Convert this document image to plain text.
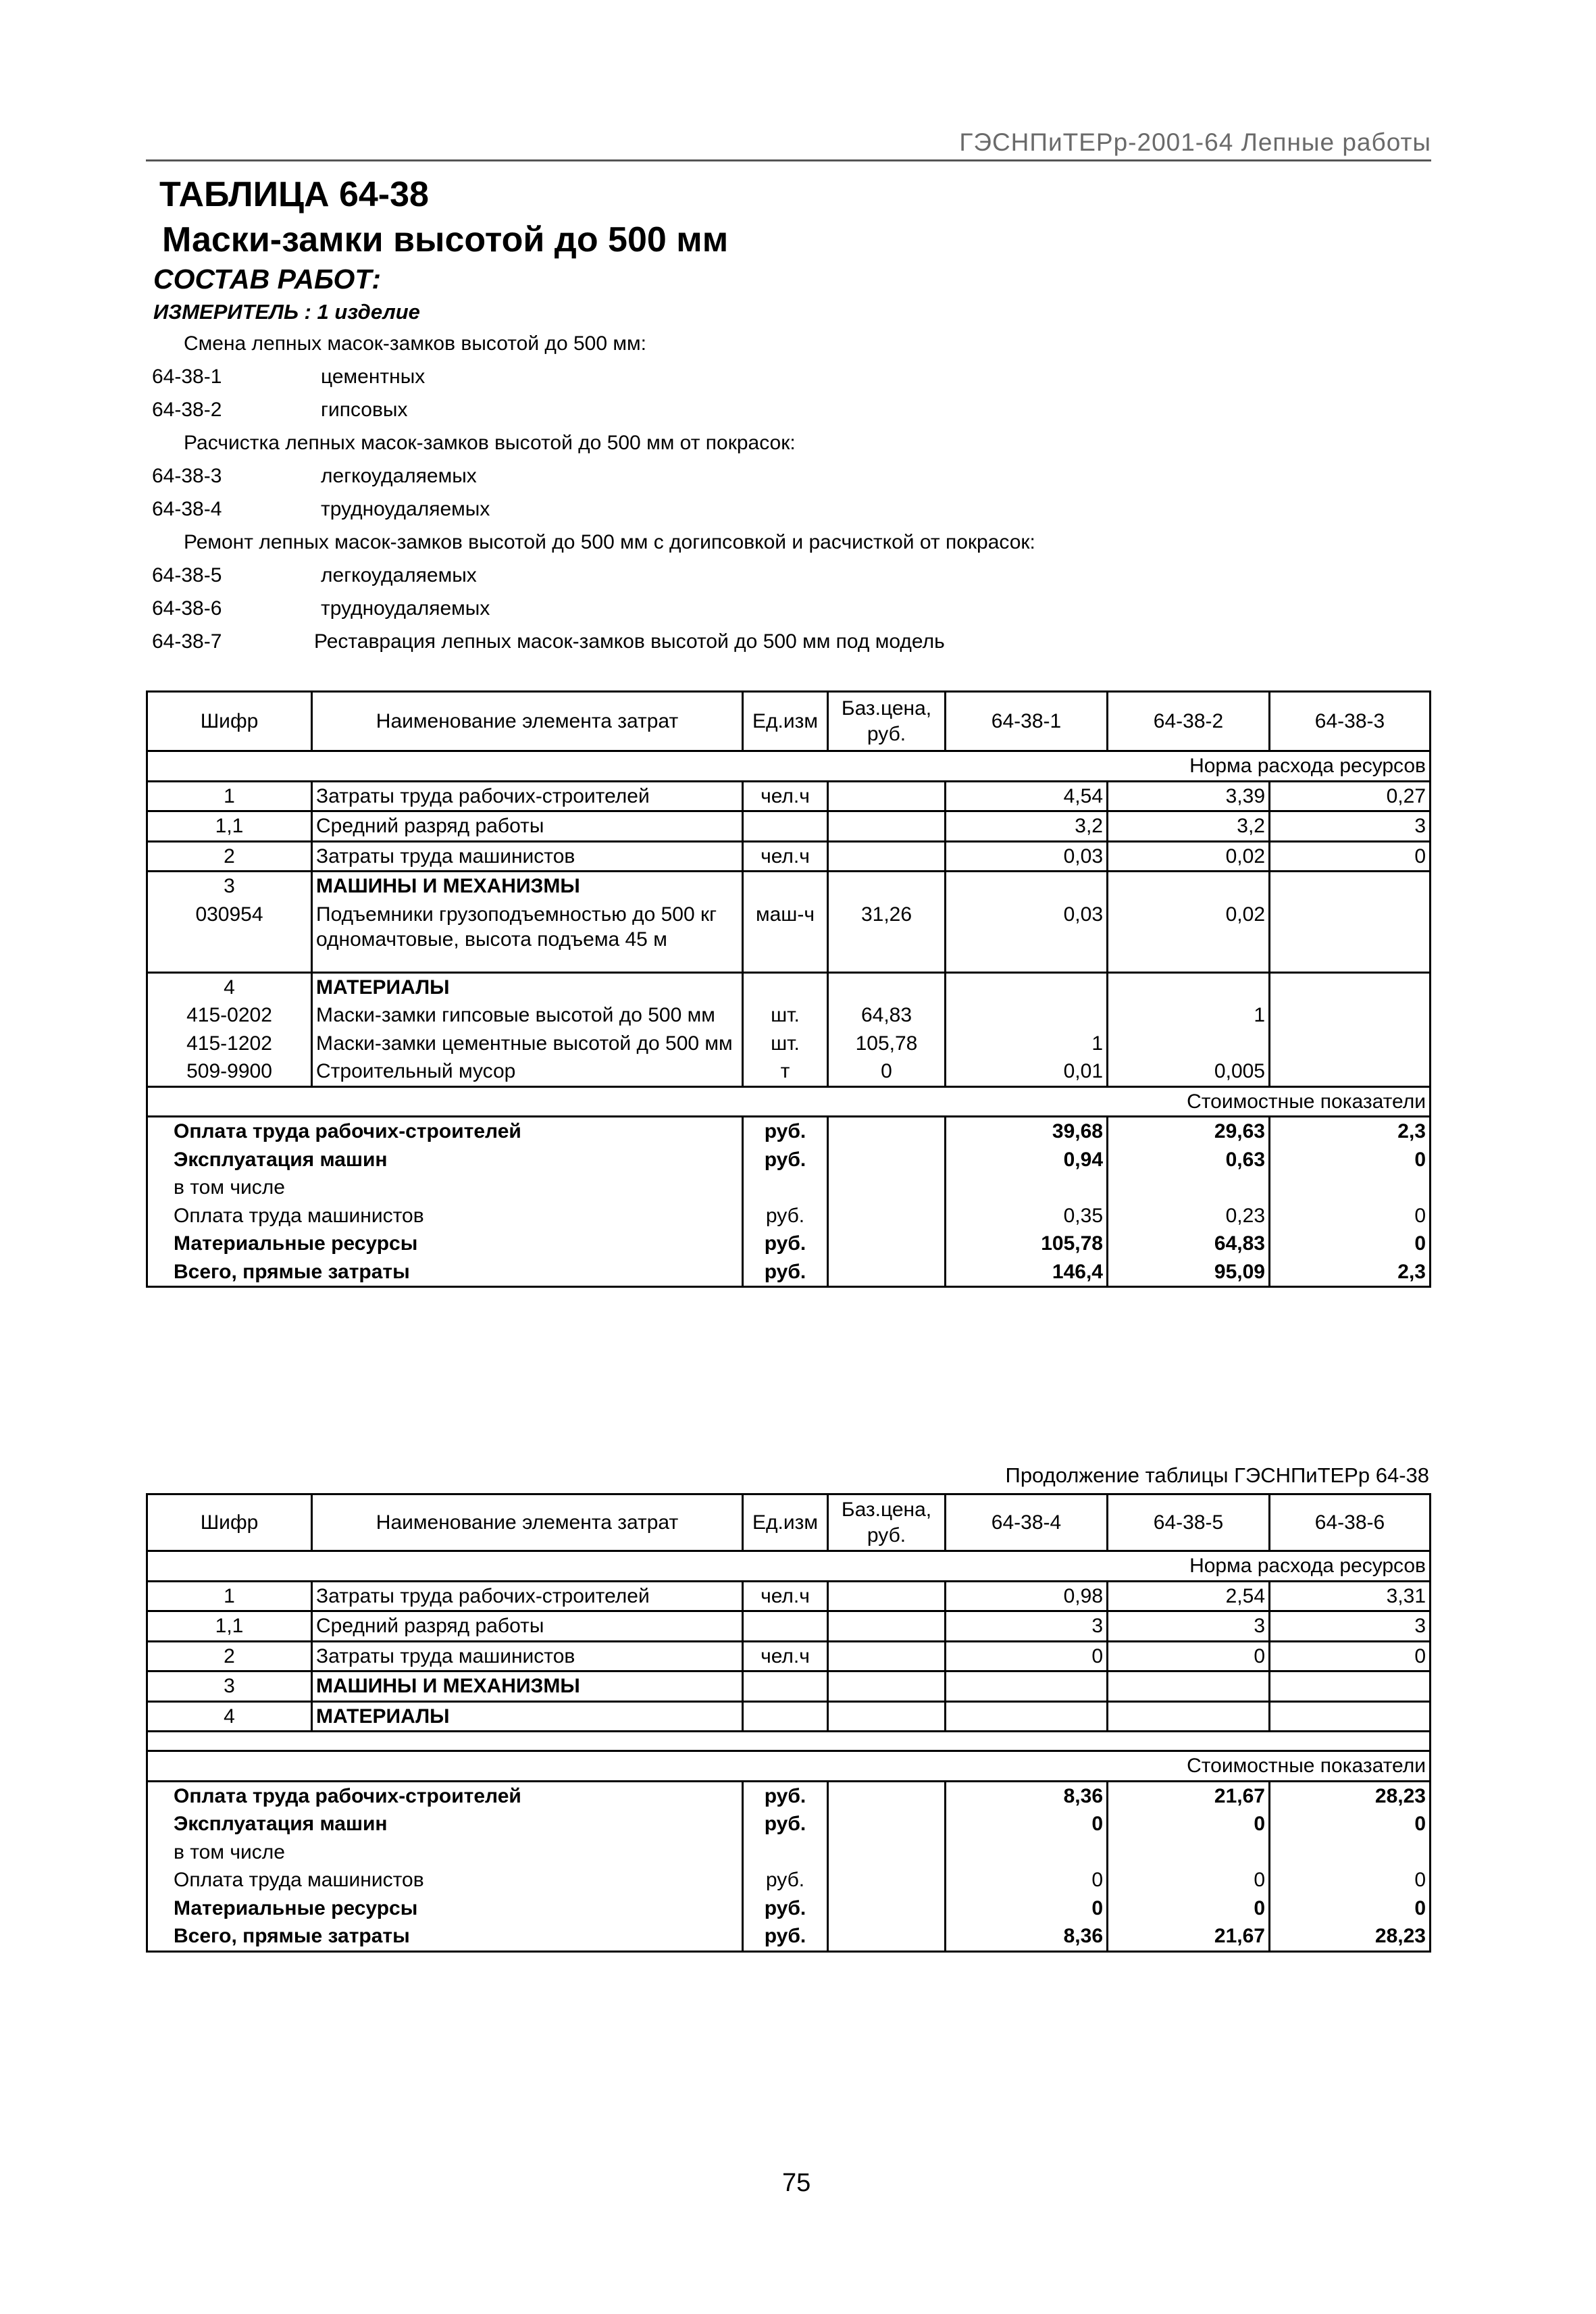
ГЭСНПиТЕРр-2001-64 Лепные работы
ТАБЛИЦА 64-38
Маски-замки высотой до 500 мм
СОСТАВ РАБОТ:
ИЗМЕРИТЕЛЬ : 1 изделие
Смена лепных масок-замков высотой до 500 мм:
64-38-1	цементных
64-38-2	гипсовых
Расчистка лепных масок-замков высотой до 500 мм от покрасок:
64-38-3	легкоудаляемых
64-38-4	трудноудаляемых
Ремонт лепных масок-замков высотой до 500 мм с догипсовкой и расчисткой от покрасок:
64-38-5	легкоудаляемых
64-38-6	трудноудаляемых
64-38-7	Реставрация лепных масок-замков высотой до 500 мм под модель
Шифр	Наименование элемента затрат	Ед.изм	Баз.цена, руб.	64-38-1	64-38-2	64-38-3
Норма расхода ресурсов						
1	Затраты труда рабочих-строителей	чел.ч		4,54	3,39	0,27
1,1	Средний разряд работы			3,2	3,2	3
2	Затраты труда машинистов	чел.ч		0,03	0,02	0
3	МАШИНЫ И МЕХАНИЗМЫ					
030954	Подъемники грузоподъемностью до 500 кг одномачтовые, высота подъема 45 м	маш-ч	31,26	0,03	0,02	

4	МАТЕРИАЛЫ					
415-0202	Маски-замки гипсовые высотой до 500 мм	шт.	64,83		1	
415-1202	Маски-замки цементные высотой до 500 мм	шт.	105,78	1		
509-9900	Строительный мусор	т	0	0,01	0,005	
Стоимостные показатели						
Оплата труда рабочих-строителей		руб.		39,68	29,63	2,3
Эксплуатация машин		руб.		0,94	0,63	0
в том числе						
Оплата труда машинистов		руб.		0,35	0,23	0
Материальные ресурсы		руб.		105,78	64,83	0
Всего, прямые затраты		руб.		146,4	95,09	2,3
Продолжение таблицы ГЭСНПиТЕРр 64-38
Шифр	Наименование элемента затрат	Ед.изм	Баз.цена, руб.	64-38-4	64-38-5	64-38-6
Норма расхода ресурсов						
1	Затраты труда рабочих-строителей	чел.ч		0,98	2,54	3,31
1,1	Средний разряд работы			3	3	3
2	Затраты труда машинистов	чел.ч		0	0	0
3	МАШИНЫ И МЕХАНИЗМЫ					
4	МАТЕРИАЛЫ					

Стоимостные показатели						
Оплата труда рабочих-строителей		руб.		8,36	21,67	28,23
Эксплуатация машин		руб.		0	0	0
в том числе						
Оплата труда машинистов		руб.		0	0	0
Материальные ресурсы		руб.		0	0	0
Всего, прямые затраты		руб.		8,36	21,67	28,23
75
